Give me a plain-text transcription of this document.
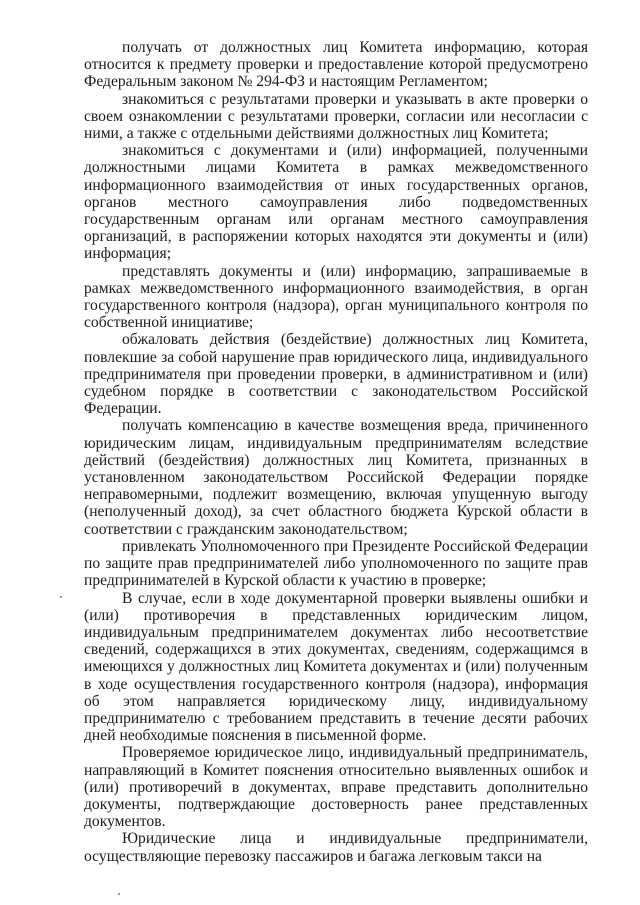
получать от должностных лиц Комитета информацию, которая относится к предмету проверки и предоставление которой предусмотрено Федеральным законом № 294-ФЗ и настоящим Регламентом;

знакомиться с результатами проверки и указывать в акте проверки о своем ознакомлении с результатами проверки, согласии или несогласии с ними, а также с отдельными действиями должностных лиц Комитета;

знакомиться с документами и (или) информацией, полученными должностными лицами Комитета в рамках межведомственного информационного взаимодействия от иных государственных органов, органов местного самоуправления либо подведомственных государственным органам или органам местного самоуправления организаций, в распоряжении которых находятся эти документы и (или) информация;

представлять документы и (или) информацию, запрашиваемые в рамках межведомственного информационного взаимодействия, в орган государственного контроля (надзора), орган муниципального контроля по собственной инициативе;

обжаловать действия (бездействие) должностных лиц Комитета, повлекшие за собой нарушение прав юридического лица, индивидуального предпринимателя при проведении проверки, в административном и (или) судебном порядке в соответствии с законодательством Российской Федерации.

получать компенсацию в качестве возмещения вреда, причиненного юридическим лицам, индивидуальным предпринимателям вследствие действий (бездействия) должностных лиц Комитета, признанных в установленном законодательством Российской Федерации порядке неправомерными, подлежит возмещению, включая упущенную выгоду (неполученный доход), за счет областного бюджета Курской области в соответствии с гражданским законодательством;

привлекать Уполномоченного при Президенте Российской Федерации по защите прав предпринимателей либо уполномоченного по защите прав предпринимателей в Курской области к участию в проверке;

В случае, если в ходе документарной проверки выявлены ошибки и (или) противоречия в представленных юридическим лицом, индивидуальным предпринимателем документах либо несоответствие сведений, содержащихся в этих документах, сведениям, содержащимся в имеющихся у должностных лиц Комитета документах и (или) полученным в ходе осуществления государственного контроля (надзора), информация об этом направляется юридическому лицу, индивидуальному предпринимателю с требованием представить в течение десяти рабочих дней необходимые пояснения в письменной форме.

Проверяемое юридическое лицо, индивидуальный предприниматель, направляющий в Комитет пояснения относительно выявленных ошибок и (или) противоречий в документах, вправе представить дополнительно документы, подтверждающие достоверность ранее представленных документов.

Юридические лица и индивидуальные предприниматели, осуществляющие перевозку пассажиров и багажа легковым такси на
